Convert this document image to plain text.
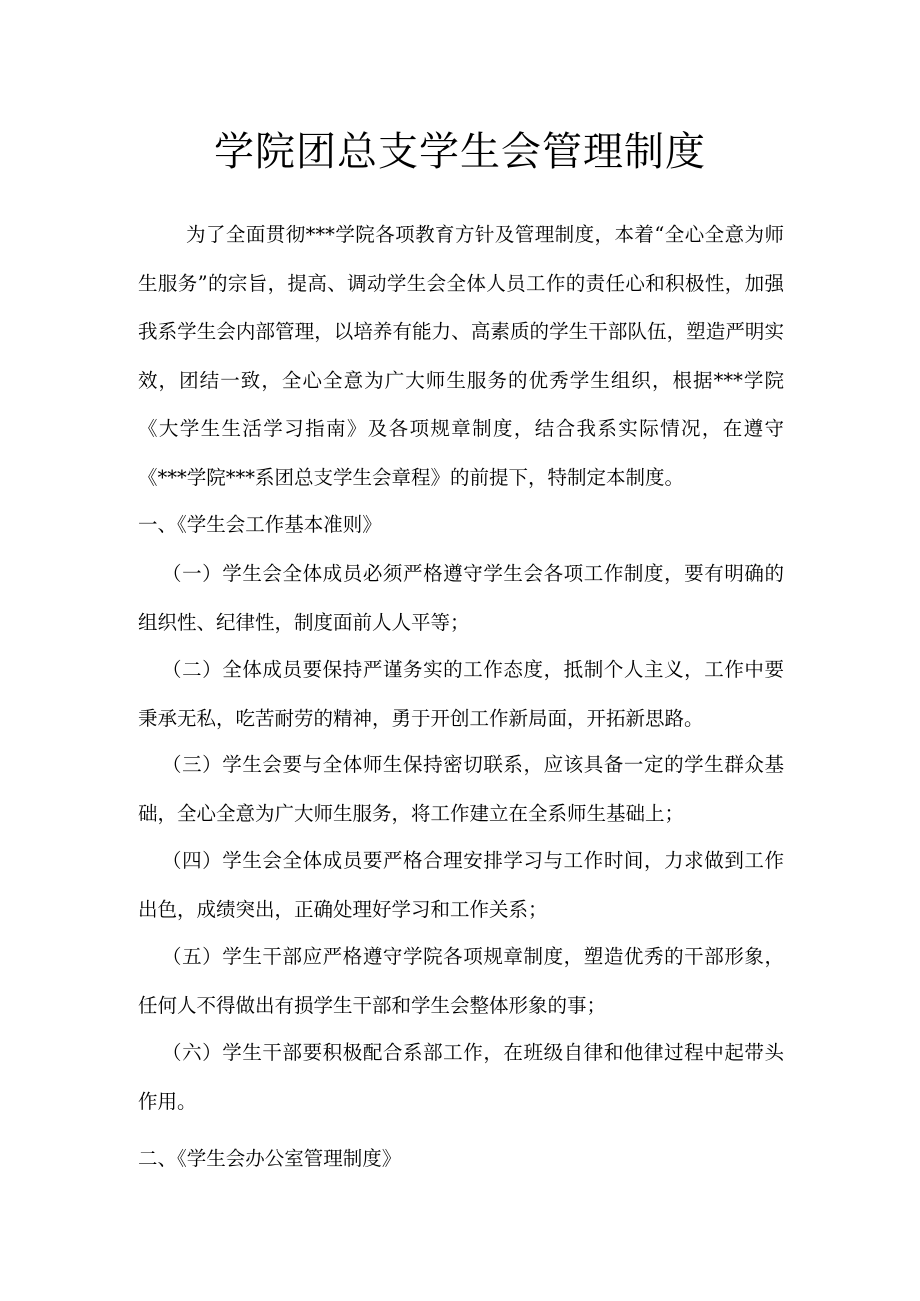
学院团总支学生会管理制度

为了全面贯彻***学院各项教育方针及管理制度，本着“全心全意为师生服务”的宗旨，提高、调动学生会全体人员工作的责任心和积极性，加强我系学生会内部管理，以培养有能力、高素质的学生干部队伍，塑造严明实效，团结一致，全心全意为广大师生服务的优秀学生组织，根据***学院《大学生生活学习指南》及各项规章制度，结合我系实际情况，在遵守《***学院***系团总支学生会章程》的前提下，特制定本制度。

一、《学生会工作基本准则》

（一）学生会全体成员必须严格遵守学生会各项工作制度，要有明确的组织性、纪律性，制度面前人人平等；

（二）全体成员要保持严谨务实的工作态度，抵制个人主义，工作中要秉承无私，吃苦耐劳的精神，勇于开创工作新局面，开拓新思路。

（三）学生会要与全体师生保持密切联系，应该具备一定的学生群众基础，全心全意为广大师生服务，将工作建立在全系师生基础上；

（四）学生会全体成员要严格合理安排学习与工作时间，力求做到工作出色，成绩突出，正确处理好学习和工作关系；

（五）学生干部应严格遵守学院各项规章制度，塑造优秀的干部形象，任何人不得做出有损学生干部和学生会整体形象的事；

（六）学生干部要积极配合系部工作，在班级自律和他律过程中起带头作用。

二、《学生会办公室管理制度》
